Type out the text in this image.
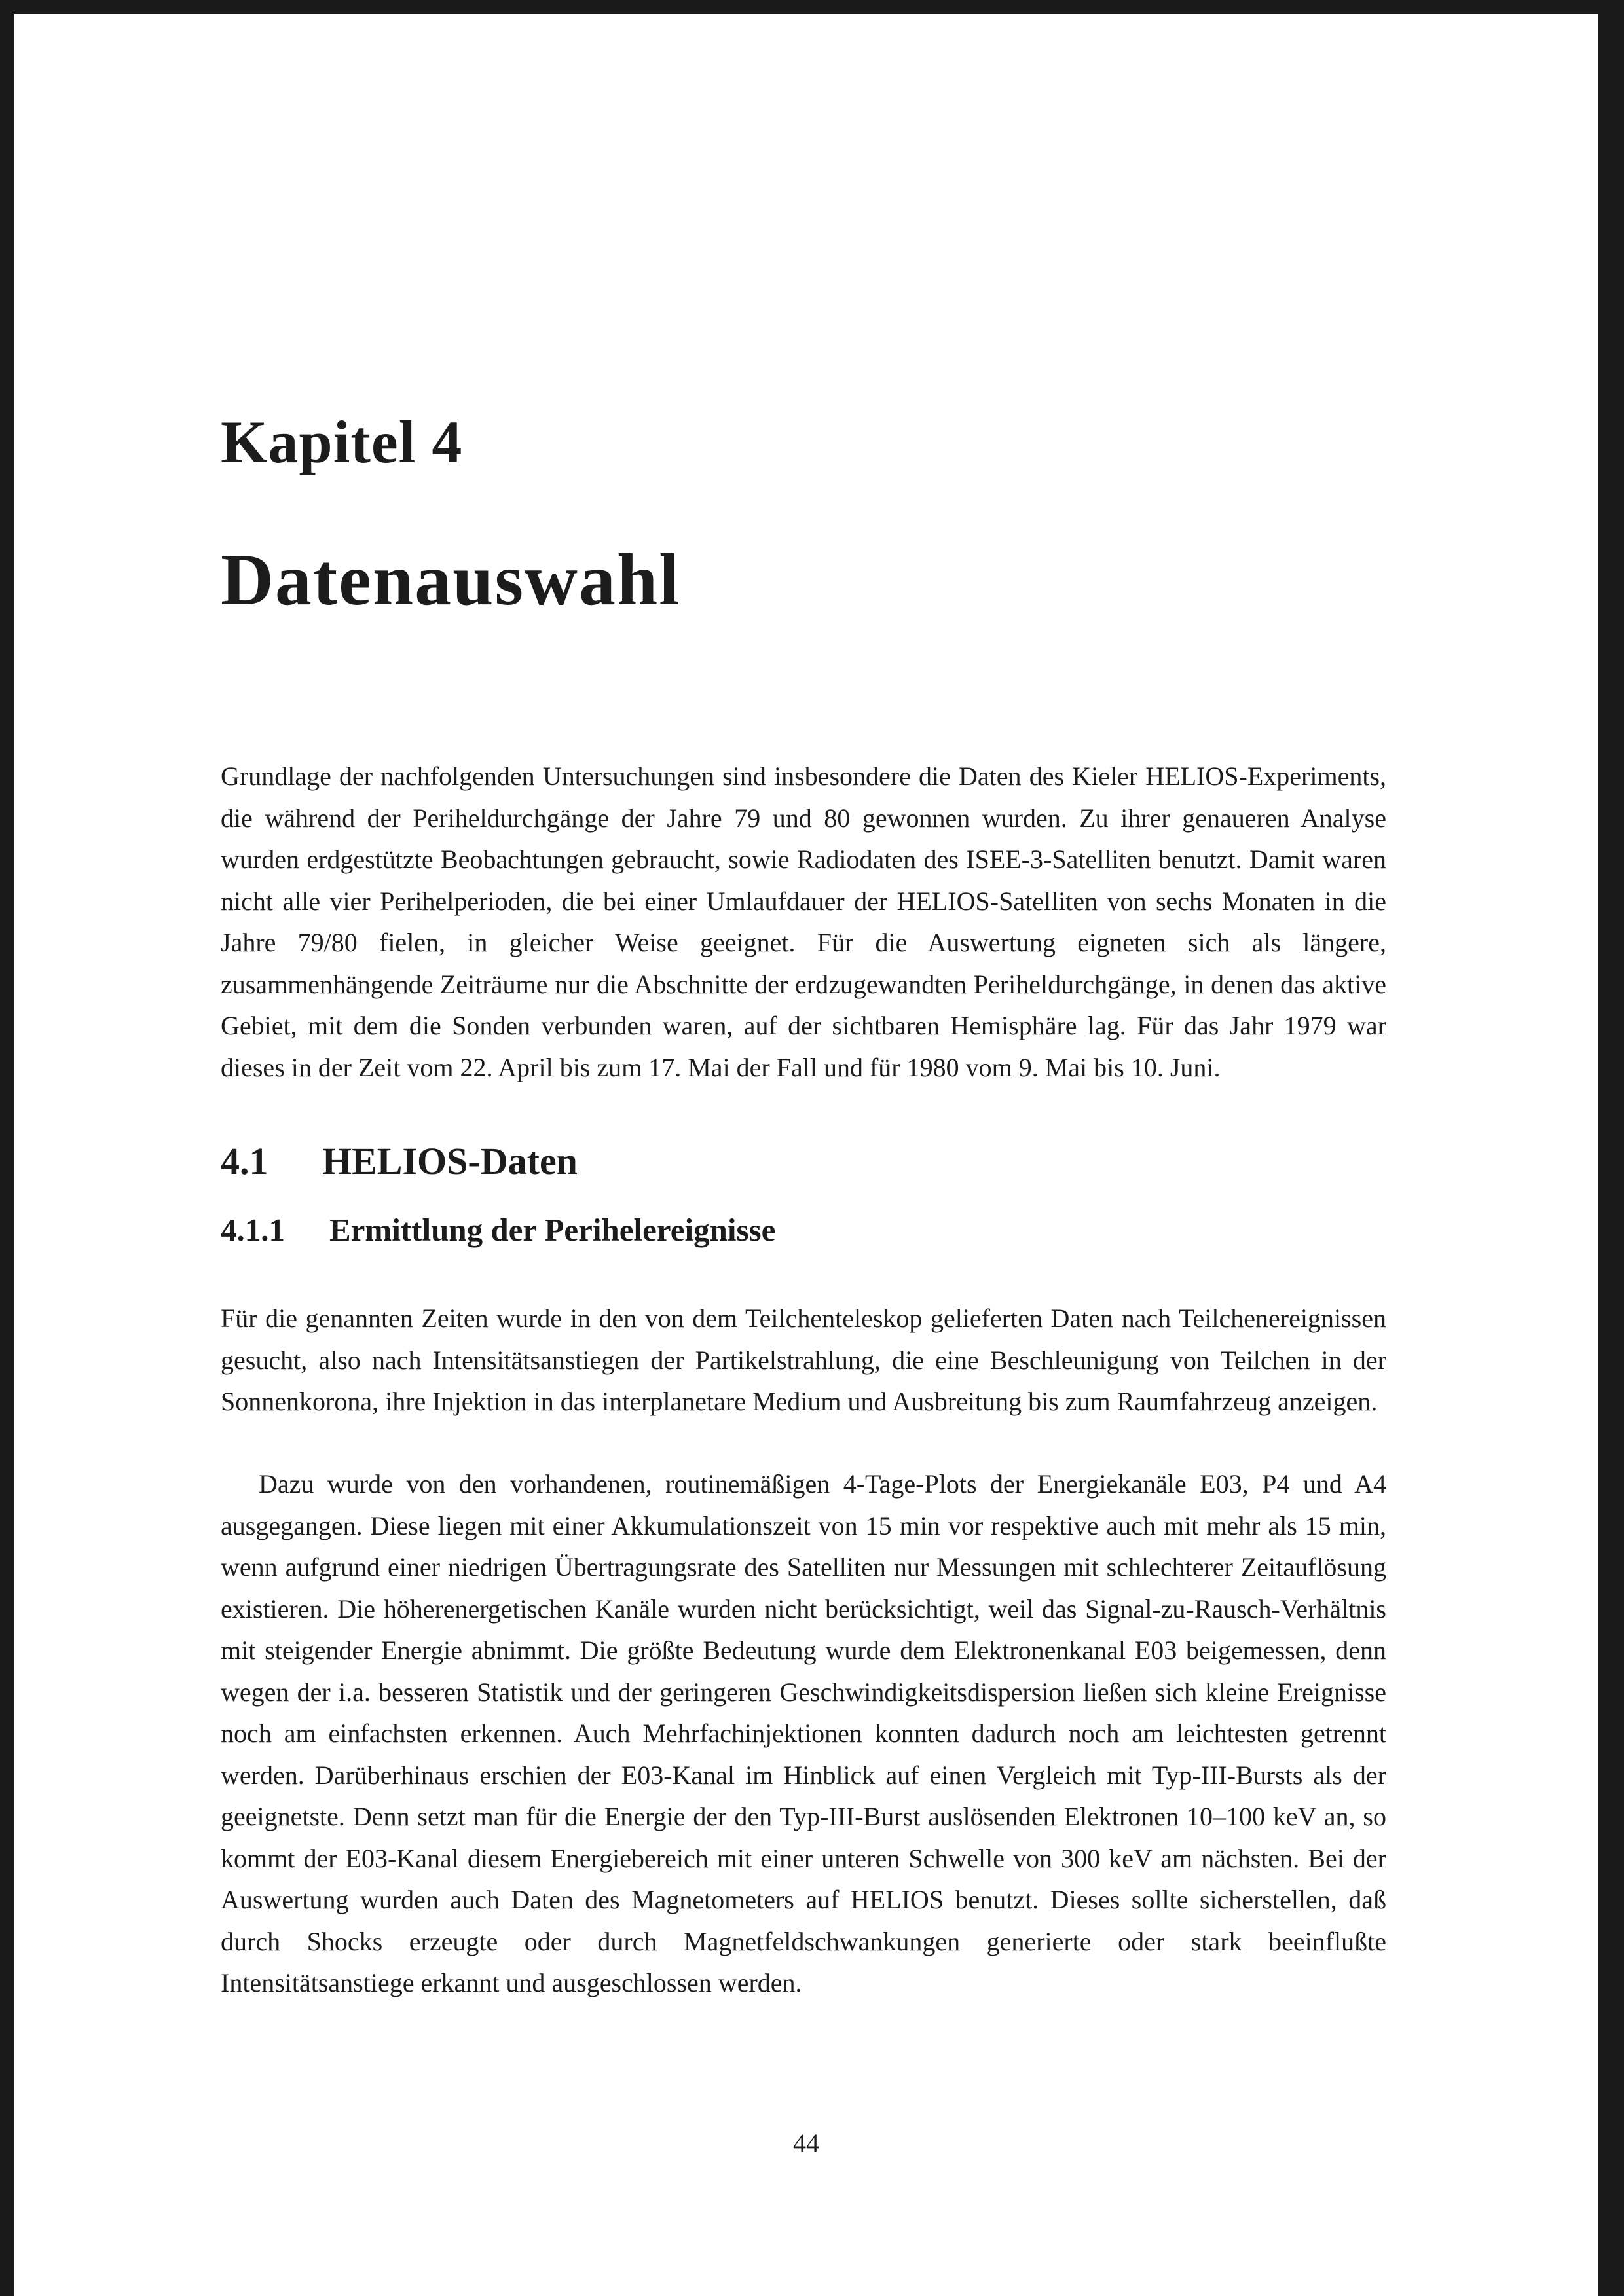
Kapitel 4
Datenauswahl

Grundlage der nachfolgenden Untersuchungen sind insbesondere die Daten des Kieler HELIOS-Experiments, die während der Periheldurchgänge der Jahre 79 und 80 gewonnen wurden. Zu ihrer genaueren Analyse wurden erdgestützte Beobachtungen gebraucht, sowie Radiodaten des ISEE-3-Satelliten benutzt. Damit waren nicht alle vier Perihelperioden, die bei einer Umlaufdauer der HELIOS-Satelliten von sechs Monaten in die Jahre 79/80 fielen, in gleicher Weise geeignet. Für die Auswertung eigneten sich als längere, zusammenhängende Zeiträume nur die Abschnitte der erdzugewandten Periheldurchgänge, in denen das aktive Gebiet, mit dem die Sonden verbunden waren, auf der sichtbaren Hemisphäre lag. Für das Jahr 1979 war dieses in der Zeit vom 22. April bis zum 17. Mai der Fall und für 1980 vom 9. Mai bis 10. Juni.

4.1 HELIOS-Daten
4.1.1 Ermittlung der Perihelereignisse

Für die genannten Zeiten wurde in den von dem Teilchenteleskop gelieferten Daten nach Teilchenereignissen gesucht, also nach Intensitätsanstiegen der Partikelstrahlung, die eine Beschleunigung von Teilchen in der Sonnenkorona, ihre Injektion in das interplanetare Medium und Ausbreitung bis zum Raumfahrzeug anzeigen.

Dazu wurde von den vorhandenen, routinemäßigen 4-Tage-Plots der Energiekanäle E03, P4 und A4 ausgegangen. Diese liegen mit einer Akkumulationszeit von 15 min vor respektive auch mit mehr als 15 min, wenn aufgrund einer niedrigen Übertragungsrate des Satelliten nur Messungen mit schlechterer Zeitauflösung existieren. Die höherenergetischen Kanäle wurden nicht berücksichtigt, weil das Signal-zu-Rausch-Verhältnis mit steigender Energie abnimmt. Die größte Bedeutung wurde dem Elektronenkanal E03 beigemessen, denn wegen der i.a. besseren Statistik und der geringeren Geschwindigkeitsdispersion ließen sich kleine Ereignisse noch am einfachsten erkennen. Auch Mehrfachinjektionen konnten dadurch noch am leichtesten getrennt werden. Darüberhinaus erschien der E03-Kanal im Hinblick auf einen Vergleich mit Typ-III-Bursts als der geeignetste. Denn setzt man für die Energie der den Typ-III-Burst auslösenden Elektronen 10–100 keV an, so kommt der E03-Kanal diesem Energiebereich mit einer unteren Schwelle von 300 keV am nächsten. Bei der Auswertung wurden auch Daten des Magnetometers auf HELIOS benutzt. Dieses sollte sicherstellen, daß durch Shocks erzeugte oder durch Magnetfeldschwankungen generierte oder stark beeinflußte Intensitätsanstiege erkannt und ausgeschlossen werden.

44
